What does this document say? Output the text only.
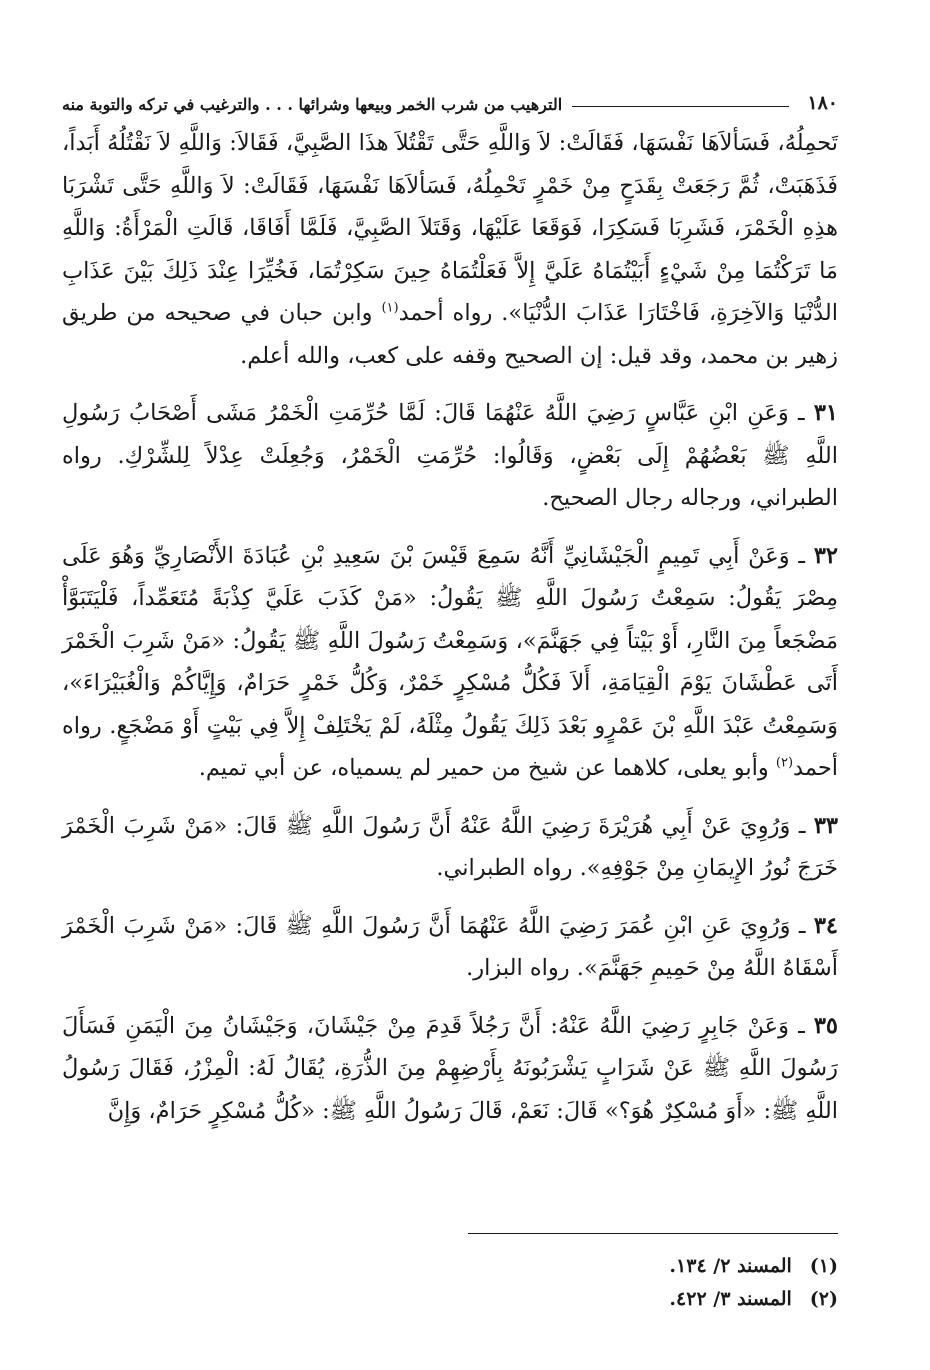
١٨٠
الترهيب من شرب الخمر وبيعها وشرائها . . . والترغيب في تركه والتوبة منه

تَحمِلُهُ، فَسَألاَهَا نَفْسَهَا، فَقَالَتْ: لاَ وَاللَّهِ حَتَّى تَقْتُلاَ هذَا الصَّبِيَّ، فَقَالاَ: وَاللَّهِ لاَ نَقْتُلُهُ أَبَداً، فَذَهَبَتْ، ثُمَّ رَجَعَتْ بِقَدَحٍ مِنْ خَمْرٍ تَحْمِلُهُ، فَسَألاَهَا نَفْسَهَا، فَقَالَتْ: لاَ وَاللَّهِ حَتَّى تَشْرَبَا هذِهِ الْخَمْرَ، فَشَرِبَا فَسَكِرَا، فَوَقَعَا عَلَيْهَا، وَقَتَلاَ الصَّبِيَّ، فَلَمَّا أَفَاقَا، قَالَتِ الْمَرْأَةُ: وَاللَّهِ مَا تَرَكْتُمَا مِنْ شَيْءٍ أَبَيْتُمَاهُ عَلَيَّ إِلاَّ فَعَلْتُمَاهُ حِينَ سَكِرْتُمَا، فَخُيِّرَا عِنْدَ ذَلِكَ بَيْنَ عَذَابِ الدُّنْيَا وَالآخِرَةِ، فَاخْتَارَا عَذَابَ الدُّنْيَا». رواه أحمد$^{(١)}$ وابن حبان في صحيحه من طريق زهير بن محمد، وقد قيل: إن الصحيح وقفه على كعب، والله أعلم.

٣١ ـ وَعَنِ ابْنِ عَبَّاسٍ رَضِيَ اللَّهُ عَنْهُمَا قَالَ: لَمَّا حُرِّمَتِ الْخَمْرُ مَشَى أَصْحَابُ رَسُولِ اللَّهِ ﷺ بَعْضُهُمْ إِلَى بَعْضٍ، وَقَالُوا: حُرِّمَتِ الْخَمْرُ، وَجُعِلَتْ عِدْلاً لِلشِّرْكِ. رواه الطبراني، ورجاله رجال الصحيح.

٣٢ ـ وَعَنْ أَبِي تَمِيمٍ الْجَيْشَانِيِّ أَنَّهُ سَمِعَ قَيْسَ بْنَ سَعِيدِ بْنِ عُبَادَةَ الأَنْصَارِيِّ وَهُوَ عَلَى مِصْرَ يَقُولُ: سَمِعْتُ رَسُولَ اللَّهِ ﷺ يَقُولُ: «مَنْ كَذَبَ عَلَيَّ كِذْبَةً مُتَعَمِّداً، فَلْيَتَبَوَّأْ مَضْجَعاً مِنَ النَّارِ، أَوْ بَيْتاً فِي جَهَنَّمَ»، وَسَمِعْتُ رَسُولَ اللَّهِ ﷺ يَقُولُ: «مَنْ شَرِبَ الْخَمْرَ أَتَى عَطْشَانَ يَوْمَ الْقِيَامَةِ، أَلاَ فَكُلُّ مُسْكِرٍ خَمْرٌ، وَكُلُّ خَمْرٍ حَرَامٌ، وَإِيَّاكُمْ وَالْغُبَيْرَاءَ»، وَسَمِعْتُ عَبْدَ اللَّهِ بْنَ عَمْرٍو بَعْدَ ذَلِكَ يَقُولُ مِثْلَهُ، لَمْ يَخْتَلِفْ إِلاَّ فِي بَيْتٍ أَوْ مَضْجَعٍ. رواه أحمد$^{(٢)}$ وأبو يعلى، كلاهما عن شيخ من حمير لم يسمياه، عن أبي تميم.

٣٣ ـ وَرُوِيَ عَنْ أَبِي هُرَيْرَةَ رَضِيَ اللَّهُ عَنْهُ أَنَّ رَسُولَ اللَّهِ ﷺ قَالَ: «مَنْ شَرِبَ الْخَمْرَ خَرَجَ نُورُ الإِيمَانِ مِنْ جَوْفِهِ». رواه الطبراني.

٣٤ ـ وَرُوِيَ عَنِ ابْنِ عُمَرَ رَضِيَ اللَّهُ عَنْهُمَا أَنَّ رَسُولَ اللَّهِ ﷺ قَالَ: «مَنْ شَرِبَ الْخَمْرَ أَسْقَاهُ اللَّهُ مِنْ حَمِيمِ جَهَنَّمَ». رواه البزار.

٣٥ ـ وَعَنْ جَابِرٍ رَضِيَ اللَّهُ عَنْهُ: أَنَّ رَجُلاً قَدِمَ مِنْ جَيْشَانَ، وَجَيْشَانُ مِنَ الْيَمَنِ فَسَأَلَ رَسُولَ اللَّهِ ﷺ عَنْ شَرَابٍ يَشْرَبُونَهُ بِأَرْضِهِمْ مِنَ الذُّرَةِ، يُقَالُ لَهُ: الْمِزْرُ، فَقَالَ رَسُولُ اللَّهِ ﷺ: «أَوَ مُسْكِرٌ هُوَ؟» قَالَ: نَعَمْ، قَالَ رَسُولُ اللَّهِ ﷺ: «كُلُّ مُسْكِرٍ حَرَامٌ، وَإِنَّ

(١)المسند ٢/ ١٣٤.
(٢)المسند ٣/ ٤٢٢.
